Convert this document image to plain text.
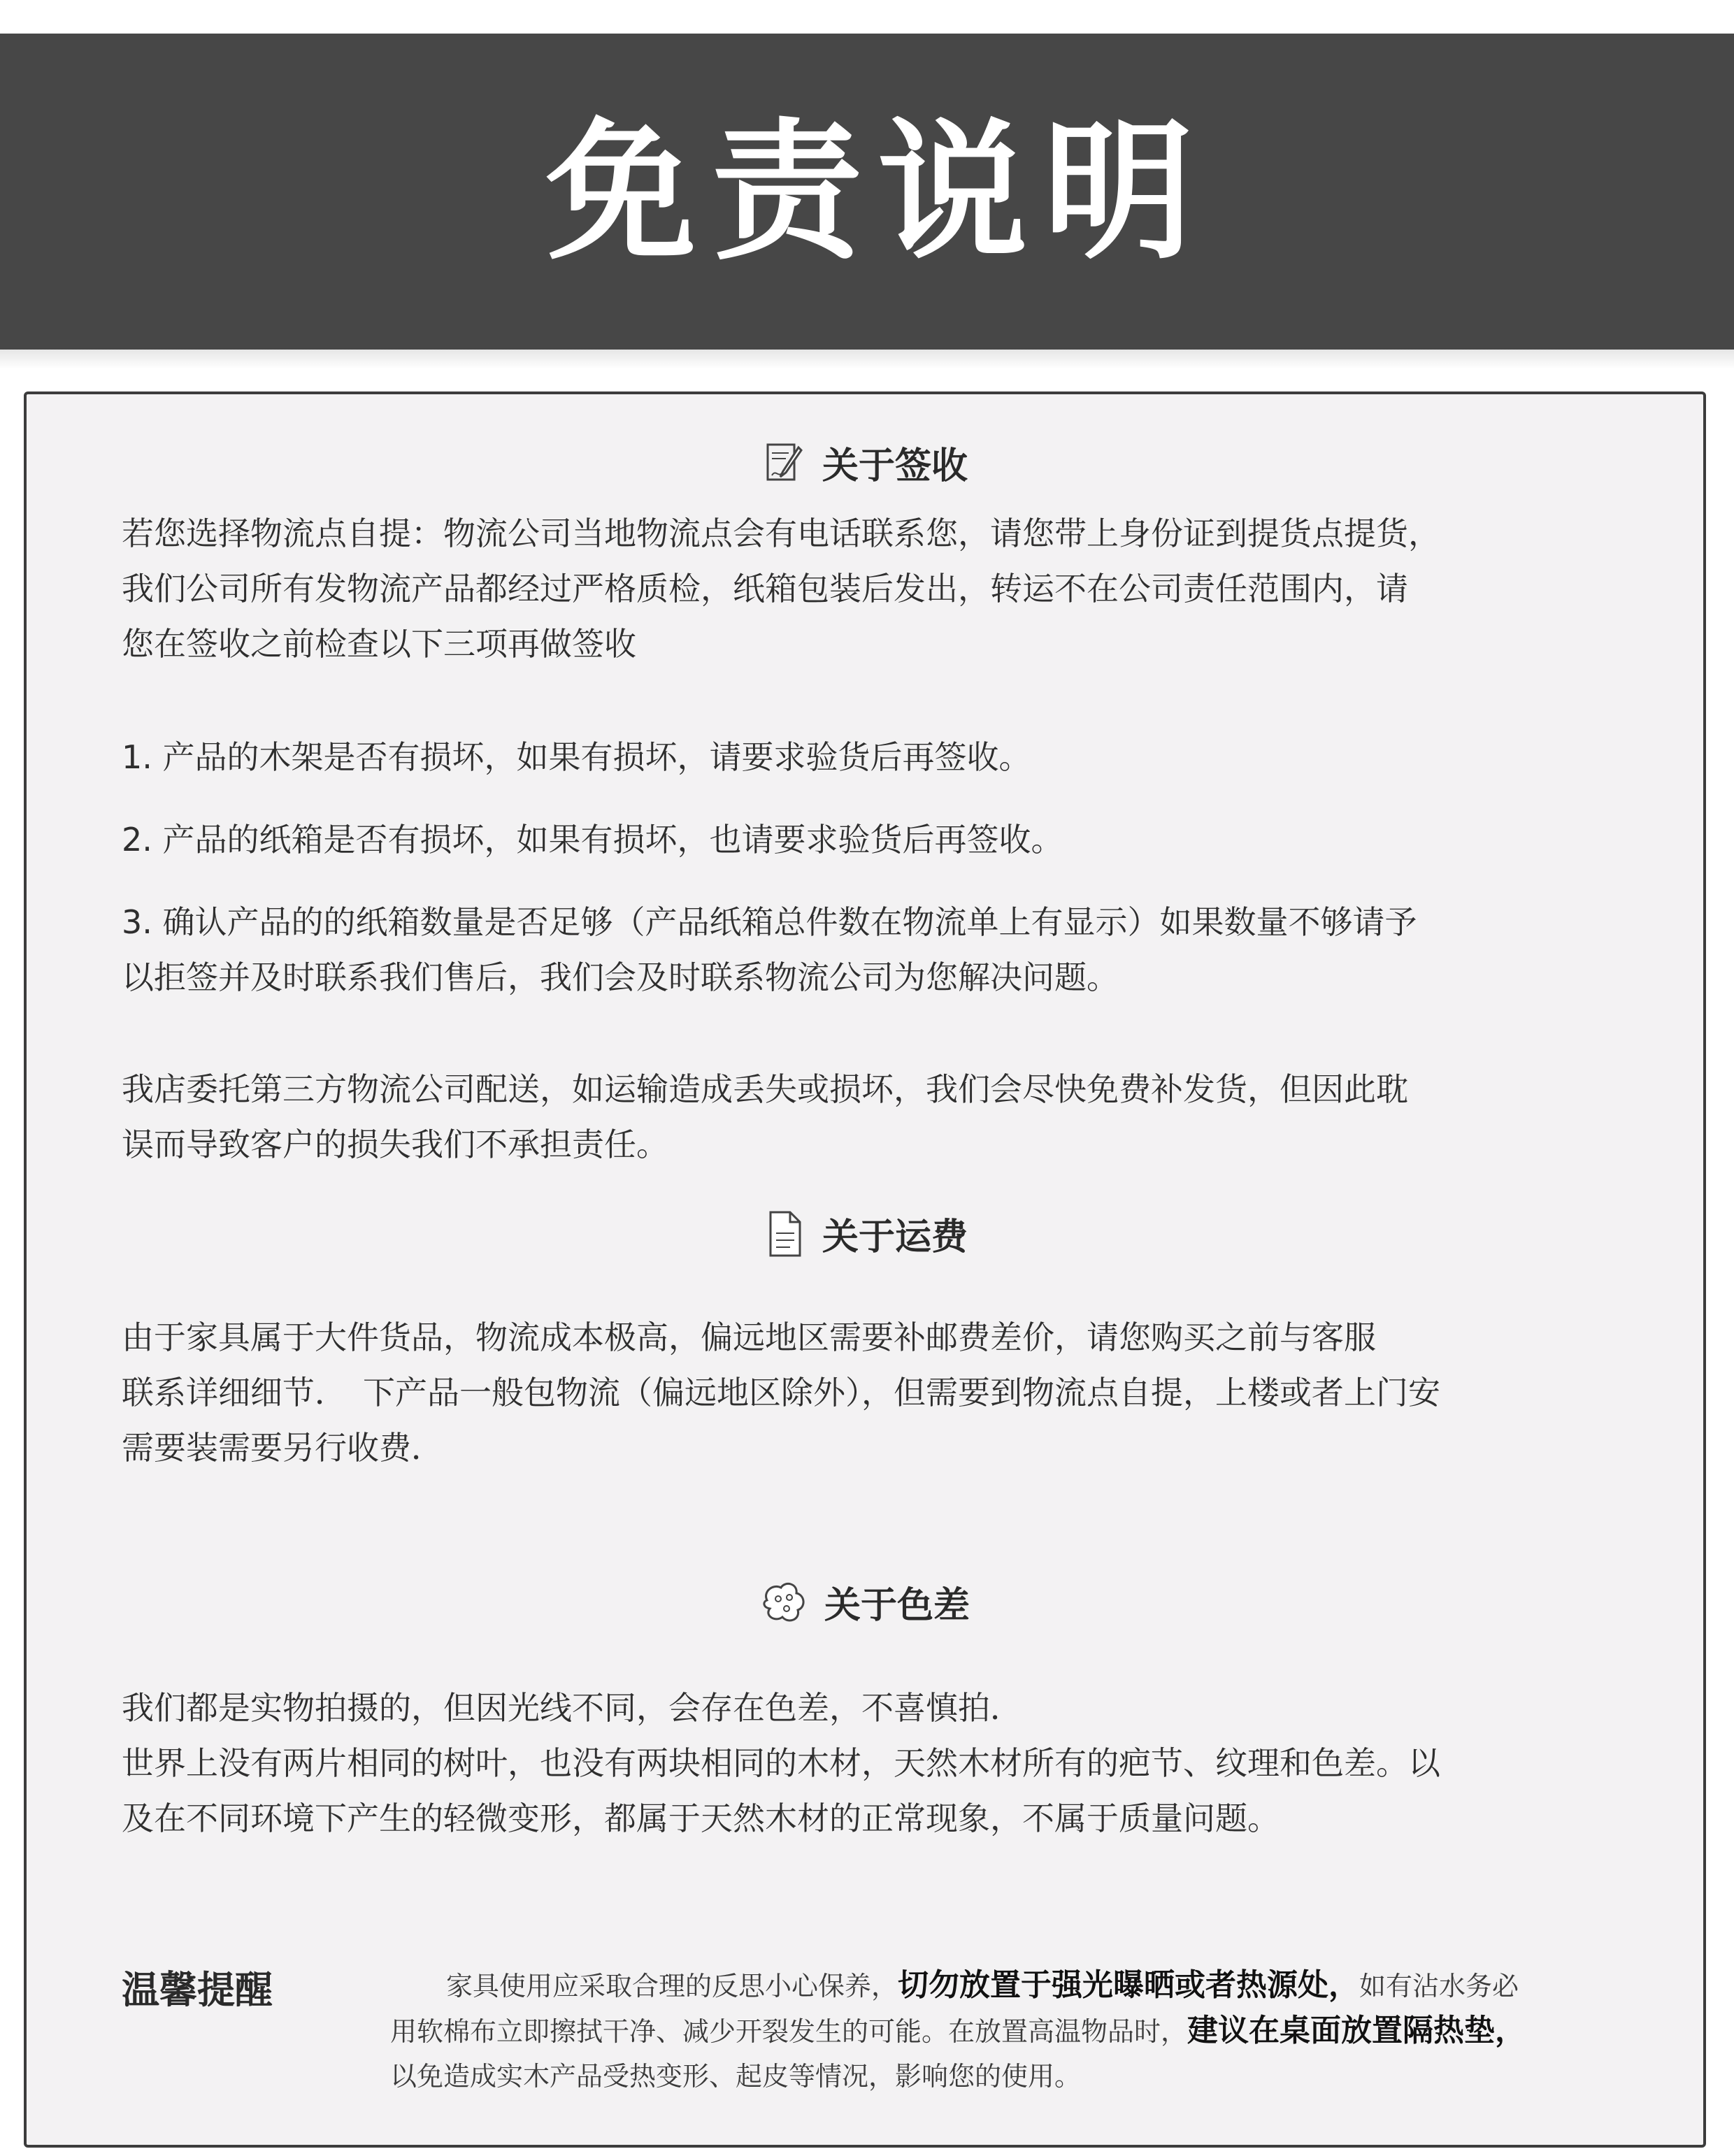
免责说明
关于签收
若您选择物流点自提：物流公司当地物流点会有电话联系您，请您带上身份证到提货点提货，
我们公司所有发物流产品都经过严格质检，纸箱包装后发出，转运不在公司责任范围内，请
您在签收之前检查以下三项再做签收
1. 产品的木架是否有损坏，如果有损坏，请要求验货后再签收。
2. 产品的纸箱是否有损坏，如果有损坏，也请要求验货后再签收。
3. 确认产品的的纸箱数量是否足够（产品纸箱总件数在物流单上有显示）如果数量不够请予
以拒签并及时联系我们售后，我们会及时联系物流公司为您解决问题。
我店委托第三方物流公司配送，如运输造成丢失或损坏，我们会尽快免费补发货，但因此耽
误而导致客户的损失我们不承担责任。
关于运费
由于家具属于大件货品，物流成本极高，偏远地区需要补邮费差价，请您购买之前与客服
联系详细细节．　下产品一般包物流（偏远地区除外），但需要到物流点自提，上楼或者上门安
需要装需要另行收费．
关于色差
我们都是实物拍摄的，但因光线不同，会存在色差，不喜慎拍．
世界上没有两片相同的树叶，也没有两块相同的木材，天然木材所有的疤节、纹理和色差。以
及在不同环境下产生的轻微变形，都属于天然木材的正常现象，不属于质量问题。
温馨提醒	家具使用应采取合理的反思小心保养，切勿放置于强光曝晒或者热源处，如有沾水务必
用软棉布立即擦拭干净、减少开裂发生的可能。在放置高温物品时，建议在桌面放置隔热垫，
以免造成实木产品受热变形、起皮等情况，影响您的使用。
